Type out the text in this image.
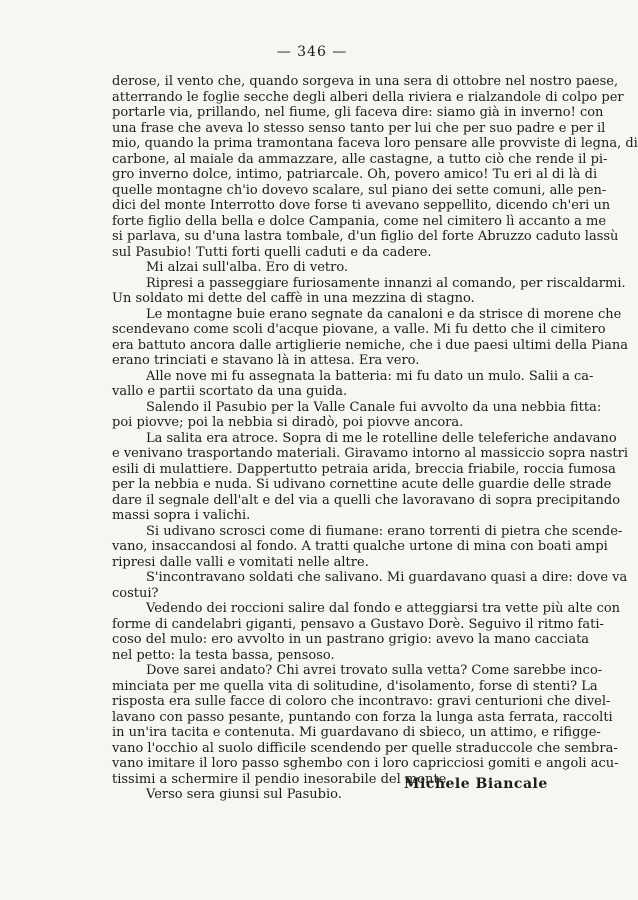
— 346 —
derose, il vento che, quando sorgeva in una sera di ottobre nel nostro paese,
atterrando le foglie secche degli alberi della riviera e rialzandole di colpo per
portarle via, prillando, nel fiume, gli faceva dire: siamo già in inverno! con
una frase che aveva lo stesso senso tanto per lui che per suo padre e per il
mio, quando la prima tramontana faceva loro pensare alle provviste di legna, di
carbone, al maiale da ammazzare, alle castagne, a tutto ciò che rende il pi-
gro inverno dolce, intimo, patriarcale. Oh, povero amico! Tu eri al di là di
quelle montagne ch'io dovevo scalare, sul piano dei sette comuni, alle pen-
dici del monte Interrotto dove forse ti avevano seppellito, dicendo ch'eri un
forte figlio della bella e dolce Campania, come nel cimitero lì accanto a me
si parlava, su d'una lastra tombale, d'un figlio del forte Abruzzo caduto lassù
sul Pasubio! Tutti forti quelli caduti e da cadere.
Mi alzai sull'alba. Ero di vetro.
Ripresi a passeggiare furiosamente innanzi al comando, per riscaldarmi.
Un soldato mi dette del caffè in una mezzina di stagno.
Le montagne buie erano segnate da canaloni e da strisce di morene che
scendevano come scoli d'acque piovane, a valle. Mi fu detto che il cimitero
era battuto ancora dalle artiglierie nemiche, che i due paesi ultimi della Piana
erano trinciati e stavano là in attesa. Era vero.
Alle nove mi fu assegnata la batteria: mi fu dato un mulo. Salii a ca-
vallo e partii scortato da una guida.
Salendo il Pasubio per la Valle Canale fui avvolto da una nebbia fitta:
poi piovve; poi la nebbia si diradò, poi piovve ancora.
La salita era atroce. Sopra di me le rotelline delle teleferiche andavano
e venivano trasportando materiali. Giravamo intorno al massiccio sopra nastri
esili di mulattiere. Dappertutto petraia arida, breccia friabile, roccia fumosa
per la nebbia e nuda. Si udivano cornettine acute delle guardie delle strade
dare il segnale dell'alt e del via a quelli che lavoravano di sopra precipitando
massi sopra i valichi.
Si udivano scrosci come di fiumane: erano torrenti di pietra che scende-
vano, insaccandosi al fondo. A tratti qualche urtone di mina con boati ampi
ripresi dalle valli e vomitati nelle altre.
S'incontravano soldati che salivano. Mi guardavano quasi a dire: dove va
costui?
Vedendo dei roccioni salire dal fondo e atteggiarsi tra vette più alte con
forme di candelabri giganti, pensavo a Gustavo Dorè. Seguivo il ritmo fati-
coso del mulo: ero avvolto in un pastrano grigio: avevo la mano cacciata
nel petto: la testa bassa, pensoso.
Dove sarei andato? Chi avrei trovato sulla vetta? Come sarebbe inco-
minciata per me quella vita di solitudine, d'isolamento, forse di stenti? La
risposta era sulle facce di coloro che incontravo: gravi centurioni che divel-
lavano con passo pesante, puntando con forza la lunga asta ferrata, raccolti
in un'ira tacita e contenuta. Mi guardavano di sbieco, un attimo, e rifigge-
vano l'occhio al suolo difficile scendendo per quelle straduccole che sembra-
vano imitare il loro passo sghembo con i loro capricciosi gomiti e angoli acu-
tissimi a schermire il pendio inesorabile del monte.
Verso sera giunsi sul Pasubio.
Michele Biancale
